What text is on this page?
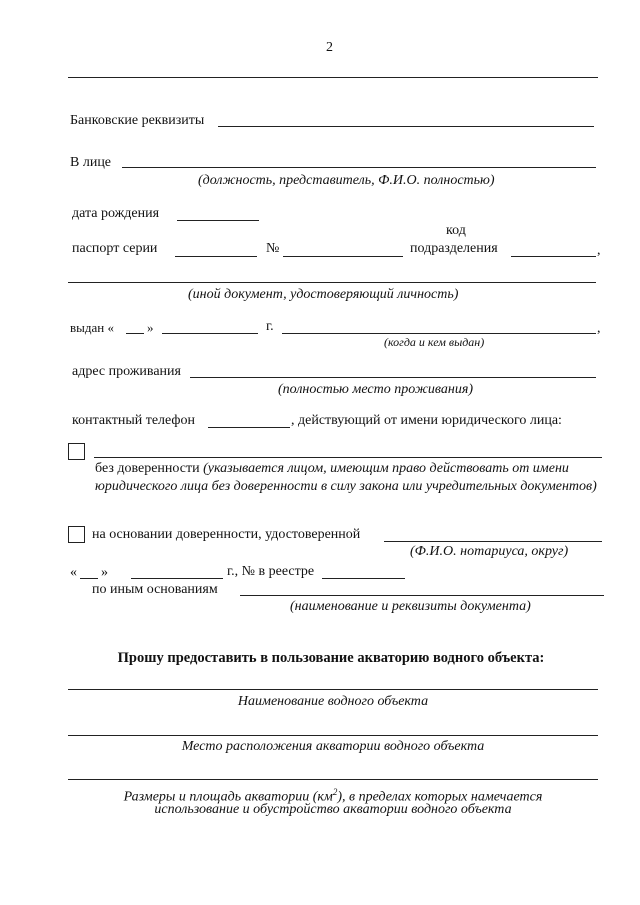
2
Банковские реквизиты
В лице
(должность, представитель, Ф.И.О. полностью)
дата рождения
код
паспорт серии	№	подразделения	,
(иной документ, удостоверяющий личность)
выдан «	»	г.	,
(когда и кем выдан)
адрес проживания
(полностью место проживания)
контактный телефон	, действующий от имени юридического лица:
без доверенности (указывается лицом, имеющим право действовать от имени юридического лица без доверенности в силу закона или учредительных документов)
на основании доверенности, удостоверенной
(Ф.И.О. нотариуса, округ)
« »	г., № в реестре
по иным основаниям
(наименование и реквизиты документа)
Прошу предоставить в пользование акваторию водного объекта:
Наименование водного объекта
Место расположения акватории водного объекта
Размеры и площадь акватории $(км^2)$, в пределах которых намечается
использование и обустройство акватории водного объекта
